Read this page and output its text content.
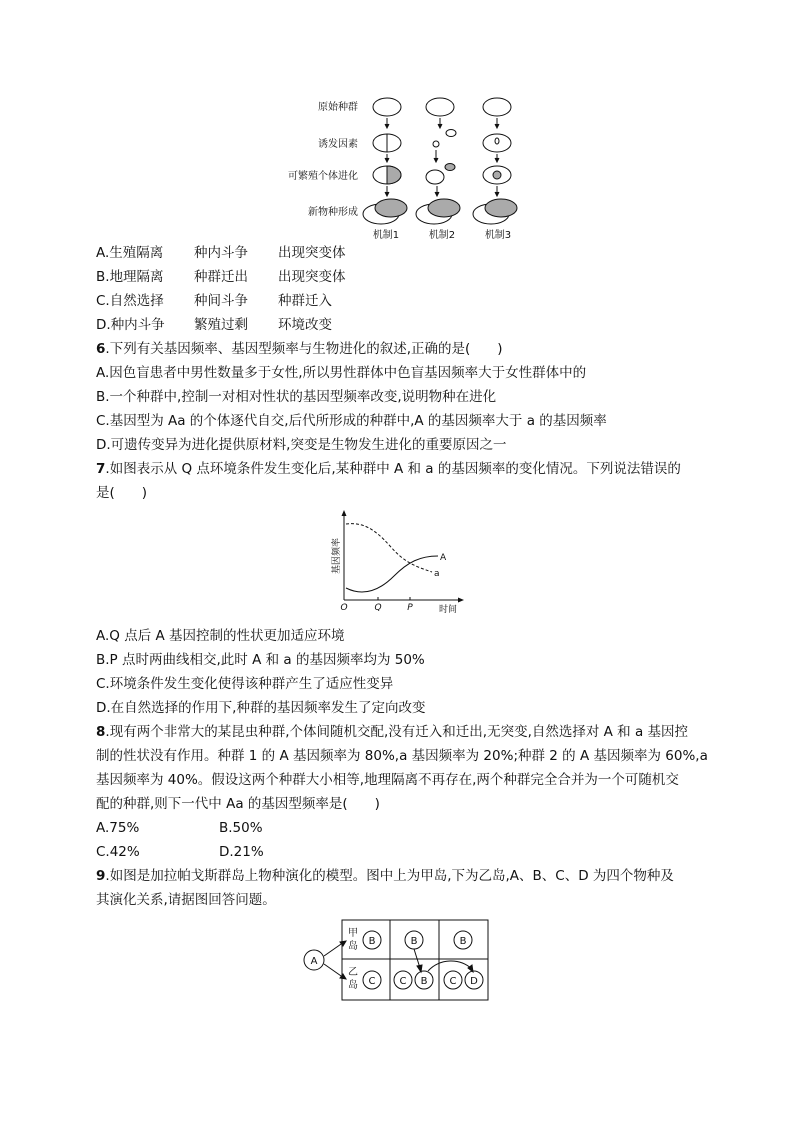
原始种群
诱发因素
可繁殖个体进化
新物种形成
机制1	机制2	机制3
A.生殖隔离 种内斗争 出现突变体
B.地理隔离 种群迁出 出现突变体
C.自然选择 种间斗争 种群迁入
D.种内斗争 繁殖过剩 环境改变
6.下列有关基因频率、基因型频率与生物进化的叙述,正确的是(　　)
A.因色盲患者中男性数量多于女性,所以男性群体中色盲基因频率大于女性群体中的
B.一个种群中,控制一对相对性状的基因型频率改变,说明物种在进化
C.基因型为 Aa 的个体逐代自交,后代所形成的种群中,A 的基因频率大于 a 的基因频率
D.可遗传变异为进化提供原材料,突变是生物发生进化的重要原因之一
7.如图表示从 Q 点环境条件发生变化后,某种群中 A 和 a 的基因频率的变化情况。下列说法错误的
是(　　)
基因频率
时间
O	Q	P
A
a
A.Q 点后 A 基因控制的性状更加适应环境
B.P 点时两曲线相交,此时 A 和 a 的基因频率均为 50%
C.环境条件发生变化使得该种群产生了适应性变异
D.在自然选择的作用下,种群的基因频率发生了定向改变
8.现有两个非常大的某昆虫种群,个体间随机交配,没有迁入和迁出,无突变,自然选择对 A 和 a 基因控
制的性状没有作用。种群 1 的 A 基因频率为 80%,a 基因频率为 20%;种群 2 的 A 基因频率为 60%,a
基因频率为 40%。假设这两个种群大小相等,地理隔离不再存在,两个种群完全合并为一个可随机交
配的种群,则下一代中 Aa 的基因型频率是(　　)
A.75%	B.50%
C.42%	D.21%
9.如图是加拉帕戈斯群岛上物种演化的模型。图中上为甲岛,下为乙岛,A、B、C、D 为四个物种及
其演化关系,请据图回答问题。
甲
岛
乙
岛
A
B
C
B
C B
B
C D
